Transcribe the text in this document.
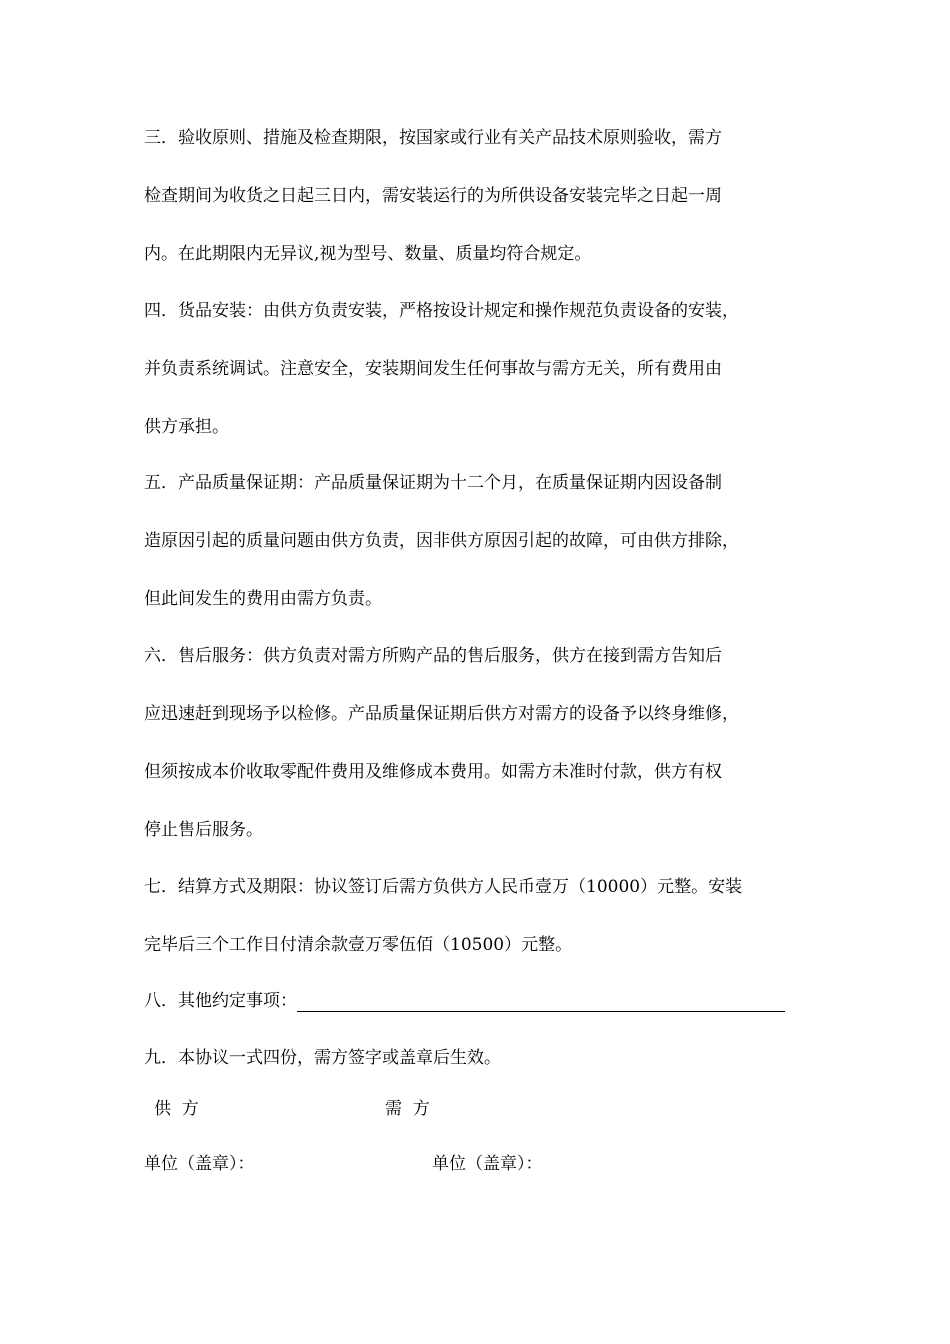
三．验收原则、措施及检查期限，按国家或行业有关产品技术原则验收，需方
检查期间为收货之日起三日内，需安装运行的为所供设备安装完毕之日起一周
内。在此期限内无异议,视为型号、数量、质量均符合规定。
四．货品安装：由供方负责安装，严格按设计规定和操作规范负责设备的安装，
并负责系统调试。注意安全，安装期间发生任何事故与需方无关，所有费用由
供方承担。
五．产品质量保证期：产品质量保证期为十二个月，在质量保证期内因设备制
造原因引起的质量问题由供方负责，因非供方原因引起的故障，可由供方排除，
但此间发生的费用由需方负责。
六．售后服务：供方负责对需方所购产品的售后服务，供方在接到需方告知后
应迅速赶到现场予以检修。产品质量保证期后供方对需方的设备予以终身维修，
但须按成本价收取零配件费用及维修成本费用。如需方未准时付款，供方有权
停止售后服务。
七．结算方式及期限：协议签订后需方负供方人民币壹万（10000）元整。安装
完毕后三个工作日付清余款壹万零伍佰（10500）元整。
八．其他约定事项：
九．本协议一式四份，需方签字或盖章后生效。
供  方	需  方
单位（盖章）：	单位（盖章）：
